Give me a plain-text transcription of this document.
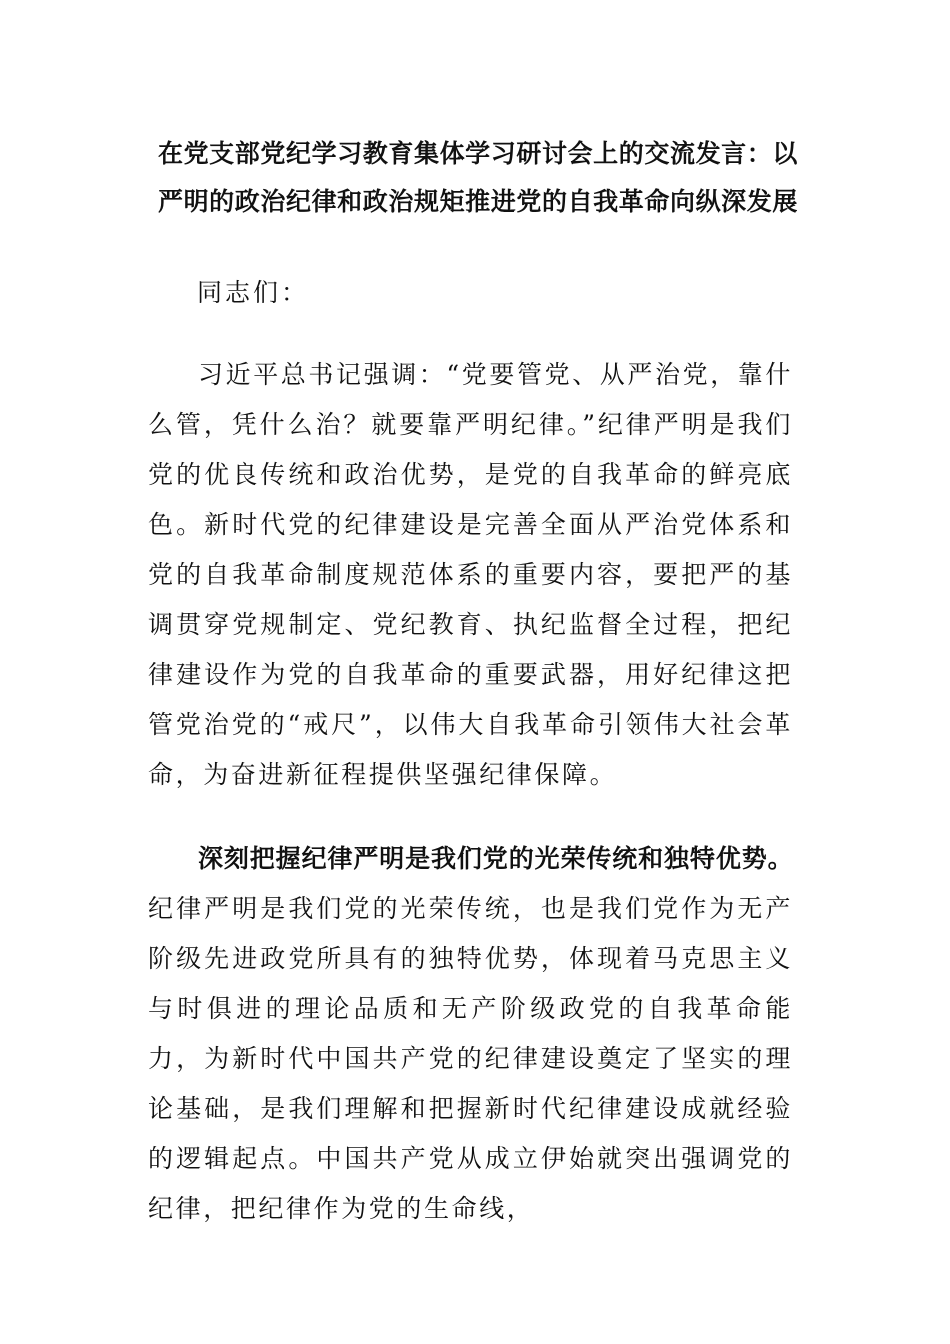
在党支部党纪学习教育集体学习研讨会上的交流发言：以严明的政治纪律和政治规矩推进党的自我革命向纵深发展

同志们：

习近平总书记强调：“党要管党、从严治党，靠什么管，凭什么治？就要靠严明纪律。”纪律严明是我们党的优良传统和政治优势，是党的自我革命的鲜亮底色。新时代党的纪律建设是完善全面从严治党体系和党的自我革命制度规范体系的重要内容，要把严的基调贯穿党规制定、党纪教育、执纪监督全过程，把纪律建设作为党的自我革命的重要武器，用好纪律这把管党治党的“戒尺”，以伟大自我革命引领伟大社会革命，为奋进新征程提供坚强纪律保障。

深刻把握纪律严明是我们党的光荣传统和独特优势。纪律严明是我们党的光荣传统，也是我们党作为无产阶级先进政党所具有的独特优势，体现着马克思主义与时俱进的理论品质和无产阶级政党的自我革命能力，为新时代中国共产党的纪律建设奠定了坚实的理论基础，是我们理解和把握新时代纪律建设成就经验的逻辑起点。中国共产党从成立伊始就突出强调党的纪律，把纪律作为党的生命线，
